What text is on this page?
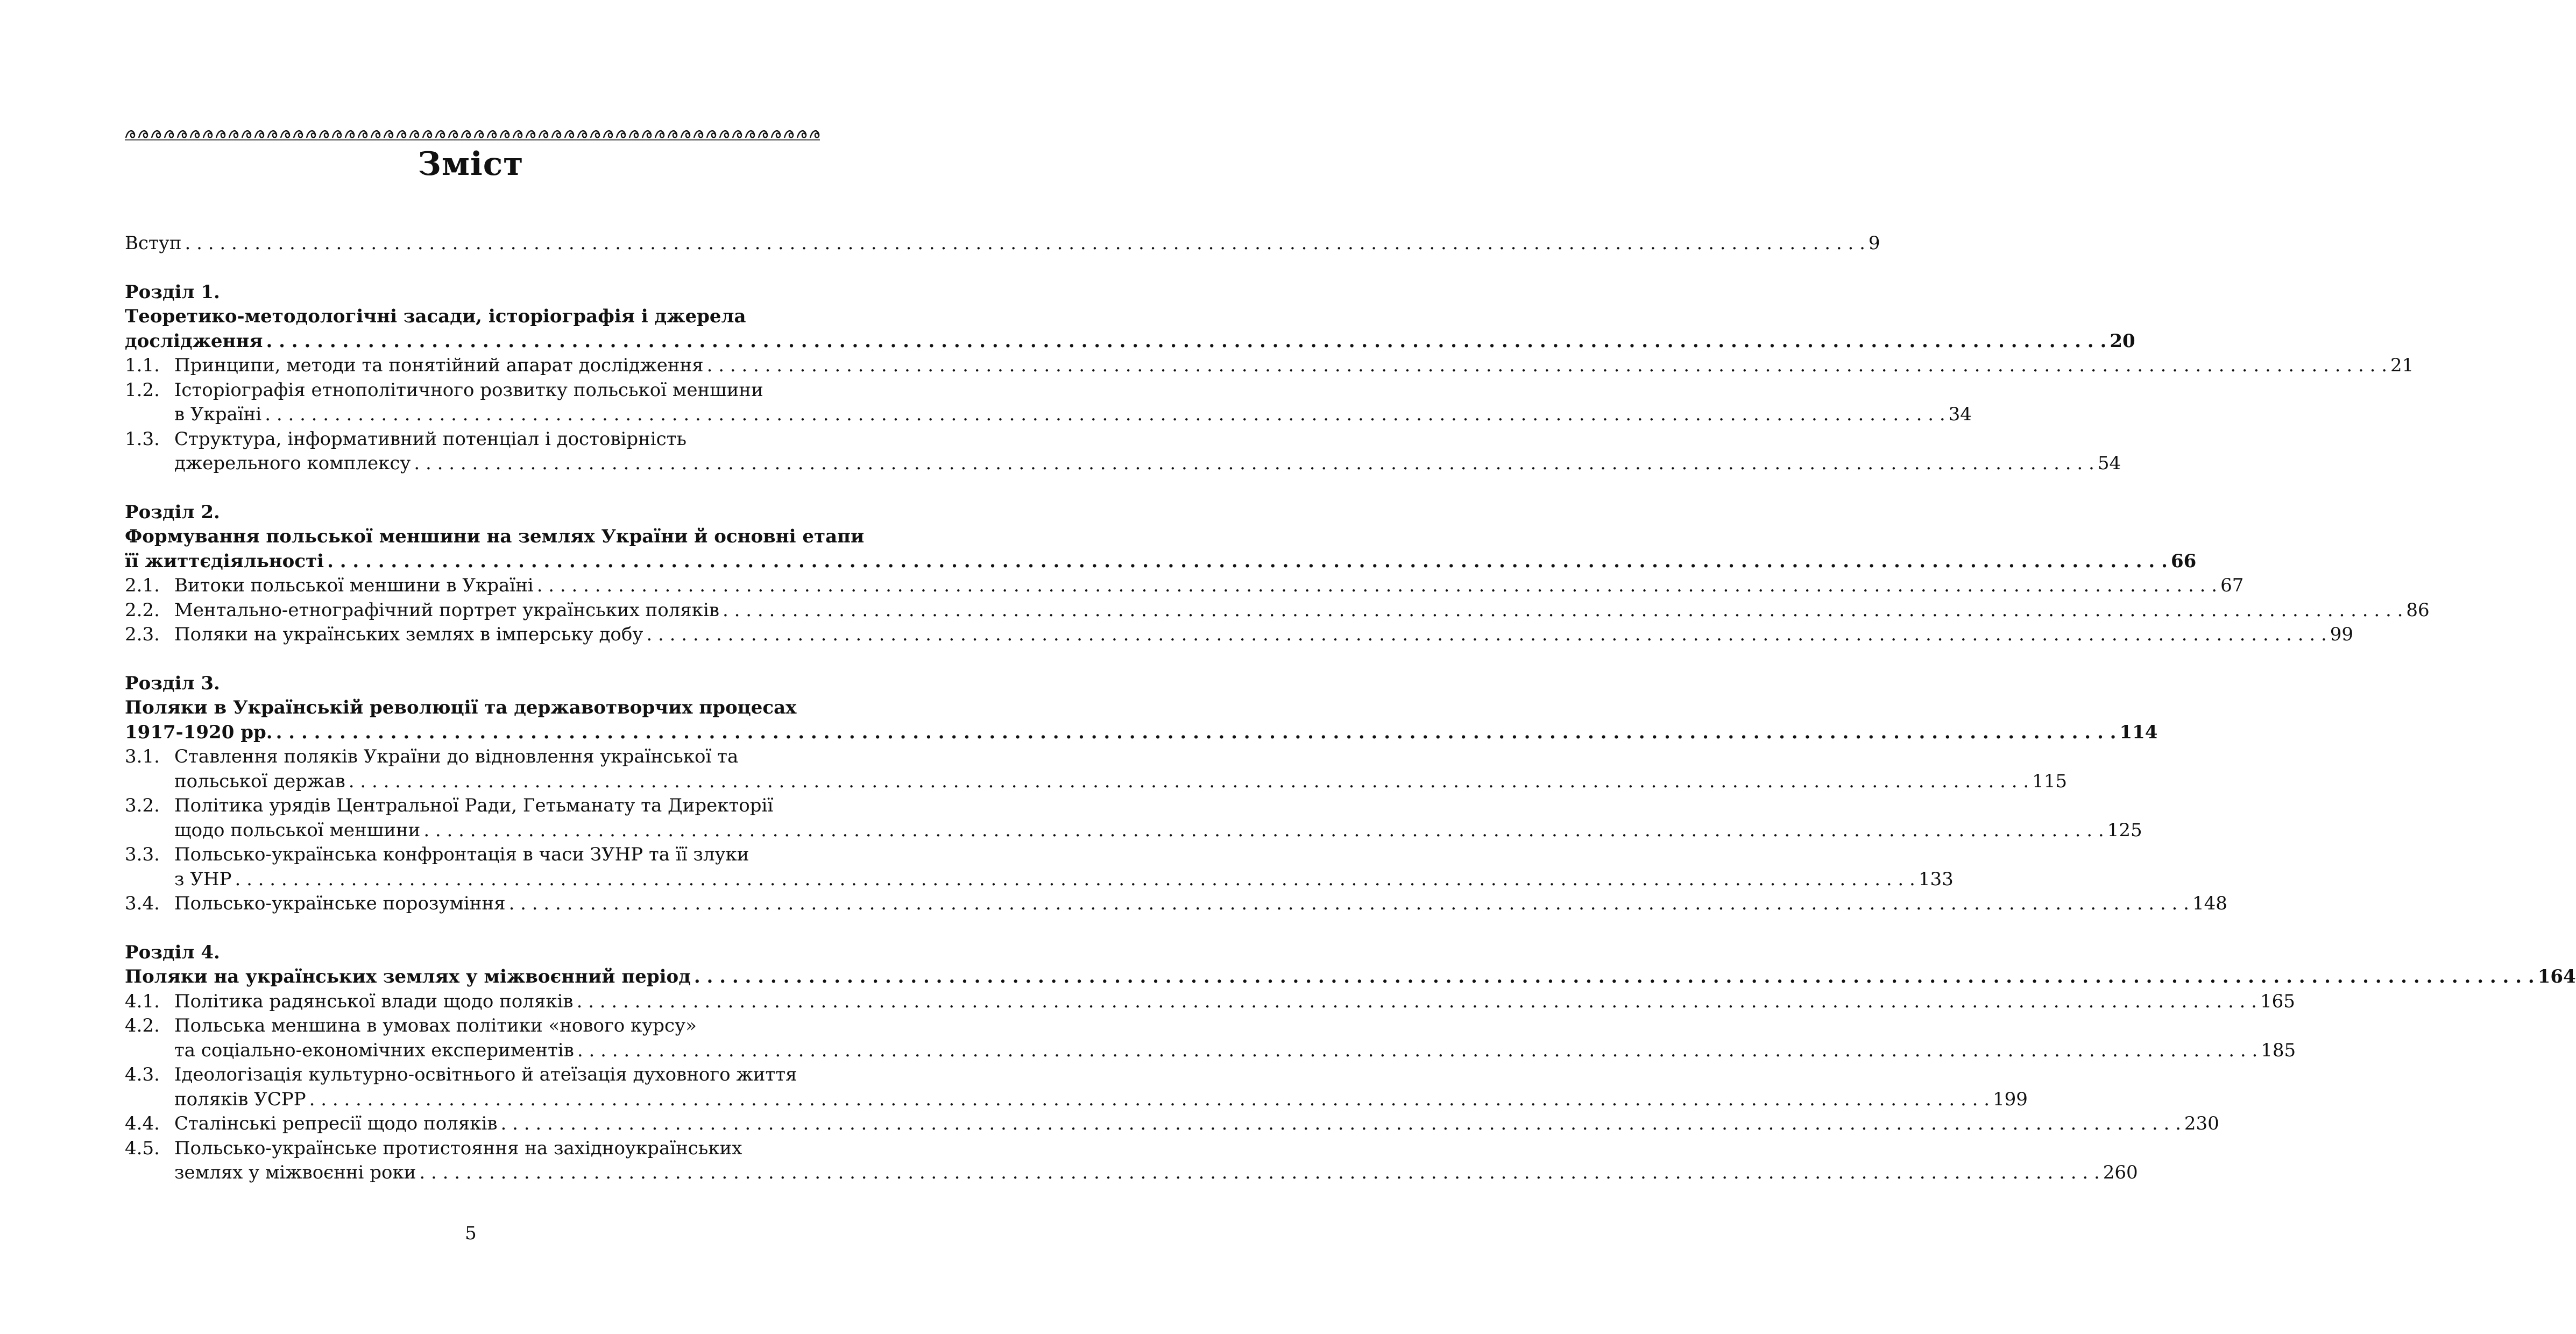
Зміст
Вступ . . .	9
Розділ 1.
Теоретико-методологічні засади, історіографія і джерела
дослідження . . .	20
1.1. Принципи, методи та понятійний апарат дослідження . . .	21
1.2. Історіографія етнополітичного розвитку польської меншини
в Україні . . .	34
1.3. Структура, інформативний потенціал і достовірність
джерельного комплексу . . .	54
Розділ 2.
Формування польської меншини на землях України й основні етапи
її життєдіяльності . . .	66
2.1. Витоки польської меншини в Україні . . .	67
2.2. Ментально-етнографічний портрет українських поляків . . .	86
2.3. Поляки на українських землях в імперську добу . . .	99
Розділ 3.
Поляки в Українській революції та державотворчих процесах
1917-1920 рр. . . .	114
3.1. Ставлення поляків України до відновлення української та
польської держав . . .	115
3.2. Політика урядів Центральної Ради, Гетьманату та Директорії
щодо польської меншини . . .	125
3.3. Польсько-українська конфронтація в часи ЗУНР та її злуки
з УНР . . .	133
3.4. Польсько-українське порозуміння . . .	148
Розділ 4.
Поляки на українських землях у міжвоєнний період . . .	164
4.1. Політика радянської влади щодо поляків . . .	165
4.2. Польська меншина в умовах політики «нового курсу»
та соціально-економічних експериментів . . .	185
4.3. Ідеологізація культурно-освітнього й атеїзація духовного життя
поляків УСРР . . .	199
4.4. Сталінські репресії щодо поляків . . .	230
4.5. Польсько-українське протистояння на західноукраїнських
землях у міжвоєнні роки . . .	260
5
